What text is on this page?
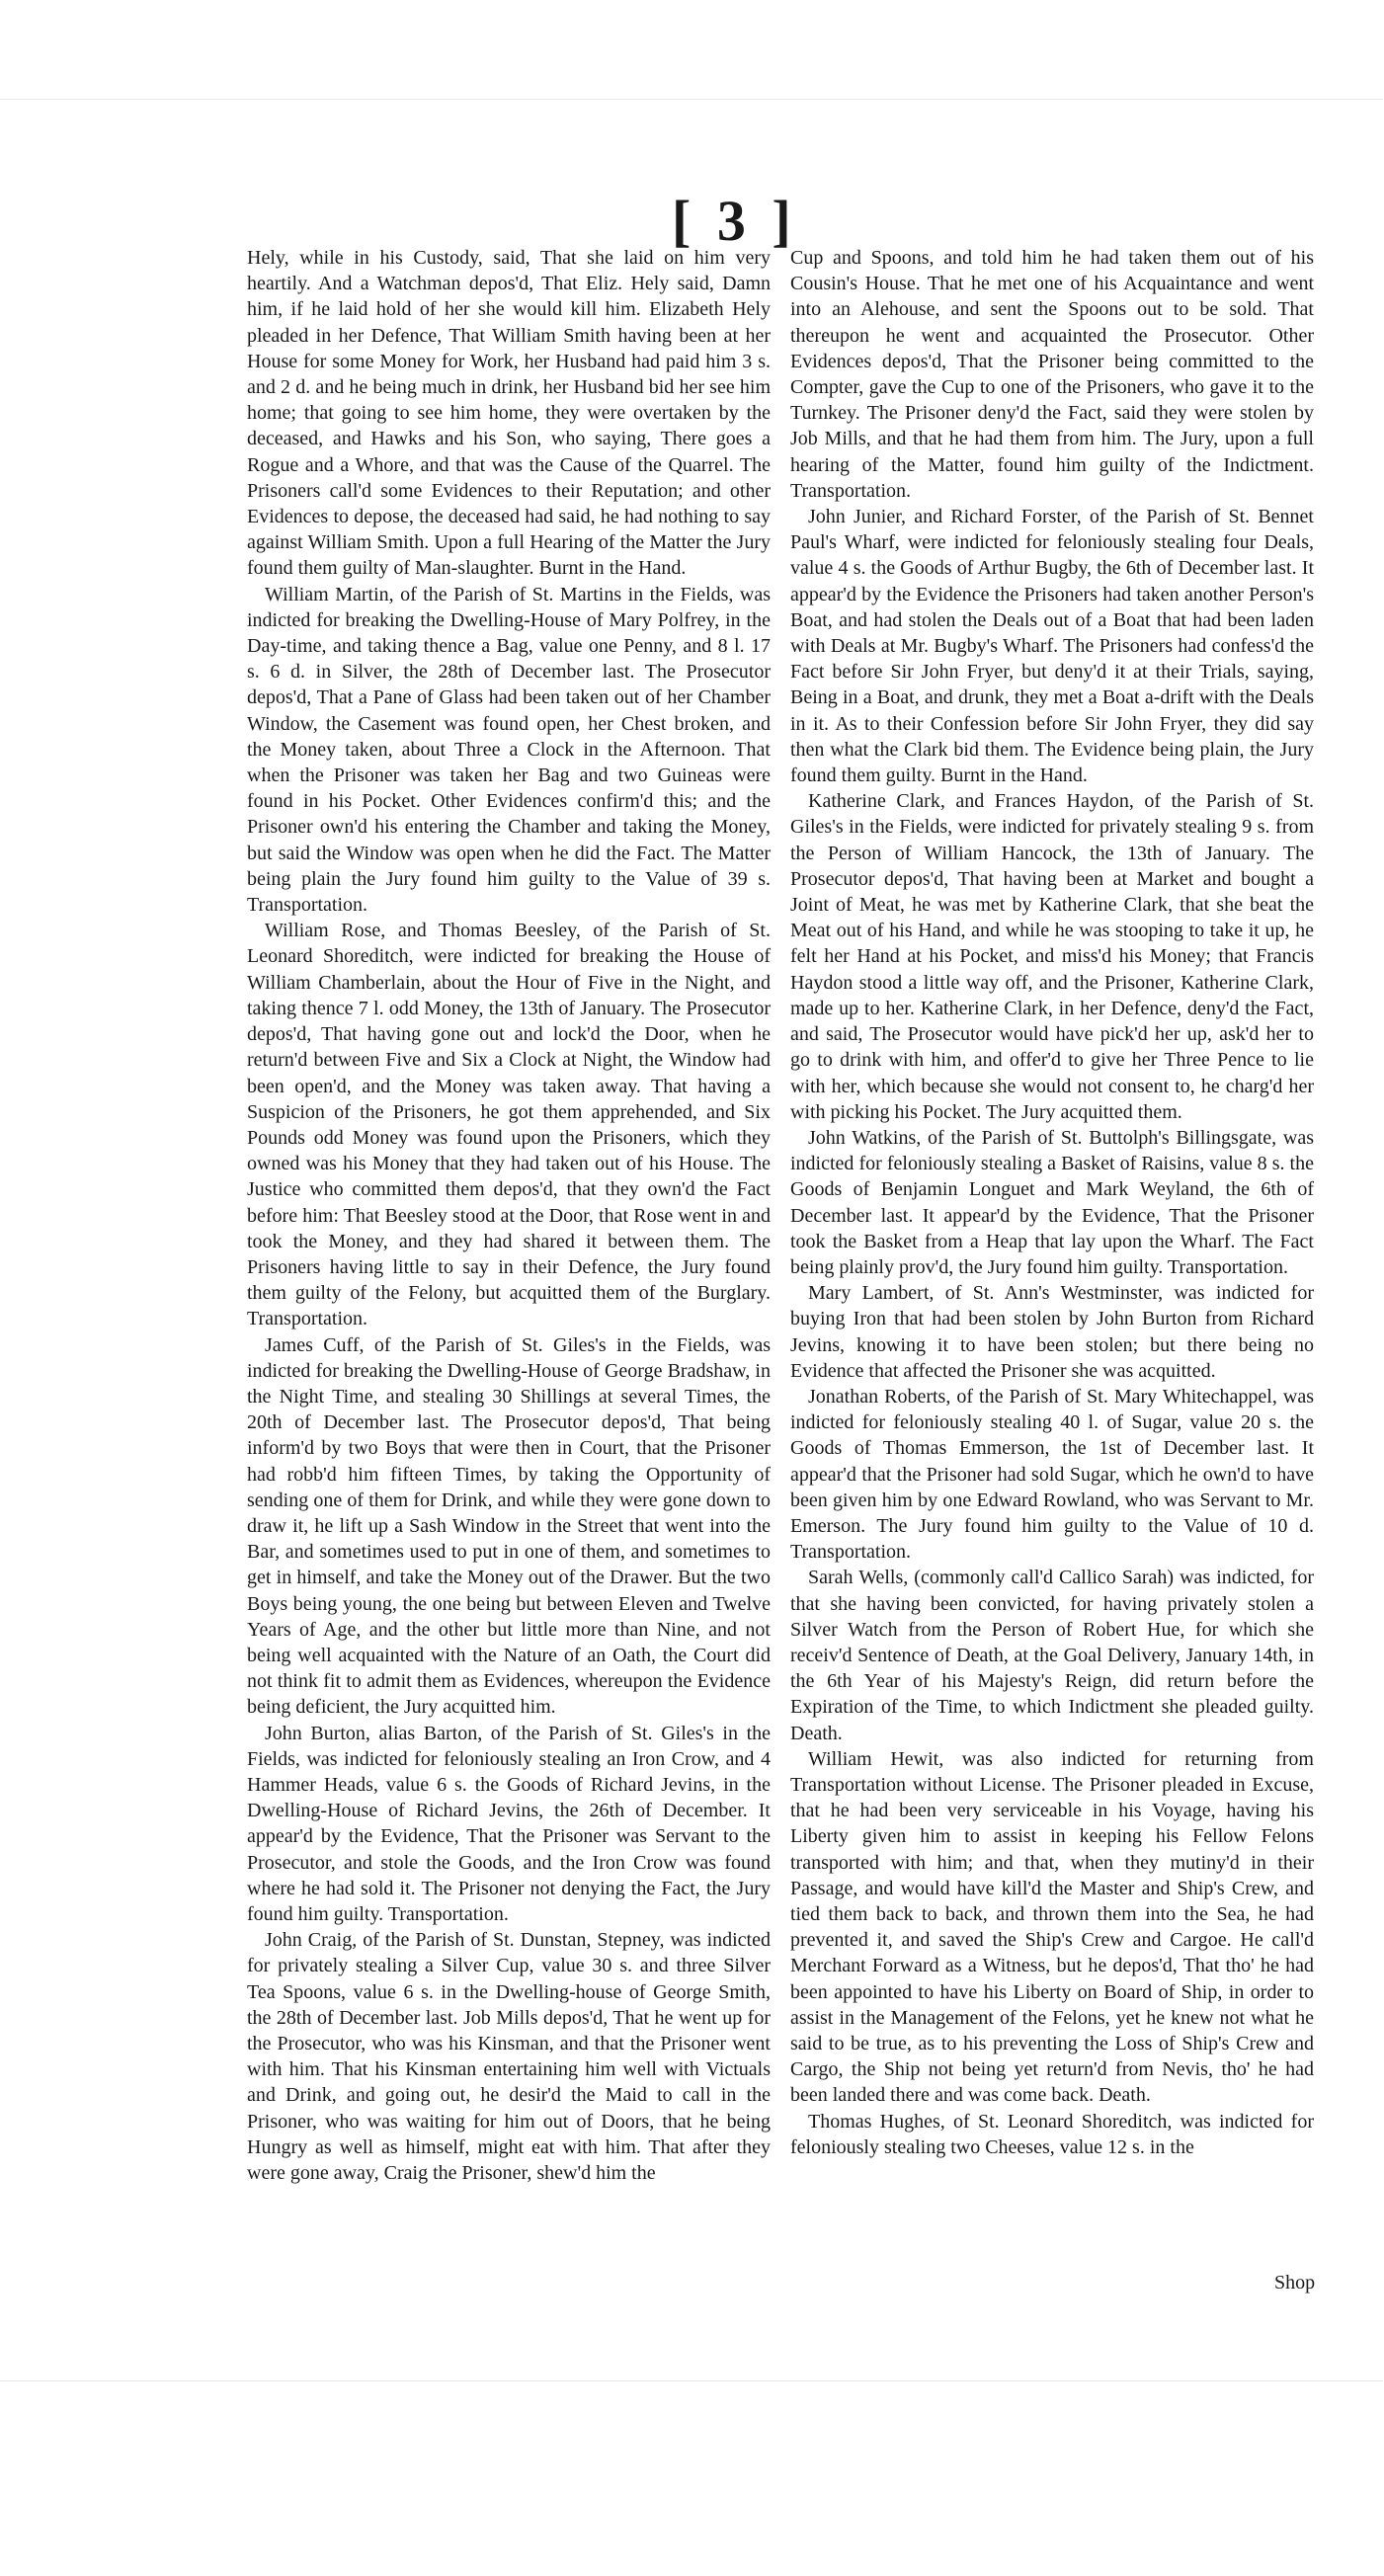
[ 3 ]

Hely, while in his Custody, said, That she laid on him very heartily. And a Watchman depos'd, That Eliz. Hely said, Damn him, if he laid hold of her she would kill him. Elizabeth Hely pleaded in her Defence, That William Smith having been at her House for some Money for Work, her Husband had paid him 3 s. and 2 d. and he being much in drink, her Husband bid her see him home; that going to see him home, they were overtaken by the deceased, and Hawks and his Son, who saying, There goes a Rogue and a Whore, and that was the Cause of the Quarrel. The Prisoners call'd some Evidences to their Reputation; and other Evidences to depose, the deceased had said, he had nothing to say against William Smith. Upon a full Hearing of the Matter the Jury found them guilty of Man-slaughter. Burnt in the Hand.

William Martin, of the Parish of St. Martins in the Fields, was indicted for breaking the Dwelling-House of Mary Polfrey, in the Day-time, and taking thence a Bag, value one Penny, and 8 l. 17 s. 6 d. in Silver, the 28th of December last. The Prosecutor depos'd, That a Pane of Glass had been taken out of her Chamber Window, the Casement was found open, her Chest broken, and the Money taken, about Three a Clock in the Afternoon. That when the Prisoner was taken her Bag and two Guineas were found in his Pocket. Other Evidences confirm'd this; and the Prisoner own'd his entering the Chamber and taking the Money, but said the Window was open when he did the Fact. The Matter being plain the Jury found him guilty to the Value of 39 s. Transportation.

William Rose, and Thomas Beesley, of the Parish of St. Leonard Shoreditch, were indicted for breaking the House of William Chamberlain, about the Hour of Five in the Night, and taking thence 7 l. odd Money, the 13th of January. The Prosecutor depos'd, That having gone out and lock'd the Door, when he return'd between Five and Six a Clock at Night, the Window had been open'd, and the Money was taken away. That having a Suspicion of the Prisoners, he got them apprehended, and Six Pounds odd Money was found upon the Prisoners, which they owned was his Money that they had taken out of his House. The Justice who committed them depos'd, that they own'd the Fact before him: That Beesley stood at the Door, that Rose went in and took the Money, and they had shared it between them. The Prisoners having little to say in their Defence, the Jury found them guilty of the Felony, but acquitted them of the Burglary. Transportation.

James Cuff, of the Parish of St. Giles's in the Fields, was indicted for breaking the Dwelling-House of George Bradshaw, in the Night Time, and stealing 30 Shillings at several Times, the 20th of December last. The Prosecutor depos'd, That being inform'd by two Boys that were then in Court, that the Prisoner had robb'd him fifteen Times, by taking the Opportunity of sending one of them for Drink, and while they were gone down to draw it, he lift up a Sash Window in the Street that went into the Bar, and sometimes used to put in one of them, and sometimes to get in himself, and take the Money out of the Drawer. But the two Boys being young, the one being but between Eleven and Twelve Years of Age, and the other but little more than Nine, and not being well acquainted with the Nature of an Oath, the Court did not think fit to admit them as Evidences, whereupon the Evidence being deficient, the Jury acquitted him.

John Burton, alias Barton, of the Parish of St. Giles's in the Fields, was indicted for feloniously stealing an Iron Crow, and 4 Hammer Heads, value 6 s. the Goods of Richard Jevins, in the Dwelling-House of Richard Jevins, the 26th of December. It appear'd by the Evidence, That the Prisoner was Servant to the Prosecutor, and stole the Goods, and the Iron Crow was found where he had sold it. The Prisoner not denying the Fact, the Jury found him guilty. Transportation.

John Craig, of the Parish of St. Dunstan, Stepney, was indicted for privately stealing a Silver Cup, value 30 s. and three Silver Tea Spoons, value 6 s. in the Dwelling-house of George Smith, the 28th of December last. Job Mills depos'd, That he went up for the Prosecutor, who was his Kinsman, and that the Prisoner went with him. That his Kinsman entertaining him well with Victuals and Drink, and going out, he desir'd the Maid to call in the Prisoner, who was waiting for him out of Doors, that he being Hungry as well as himself, might eat with him. That after they were gone away, Craig the Prisoner, shew'd him the

Cup and Spoons, and told him he had taken them out of his Cousin's House. That he met one of his Acquaintance and went into an Alehouse, and sent the Spoons out to be sold. That thereupon he went and acquainted the Prosecutor. Other Evidences depos'd, That the Prisoner being committed to the Compter, gave the Cup to one of the Prisoners, who gave it to the Turnkey. The Prisoner deny'd the Fact, said they were stolen by Job Mills, and that he had them from him. The Jury, upon a full hearing of the Matter, found him guilty of the Indictment. Transportation.

John Junier, and Richard Forster, of the Parish of St. Bennet Paul's Wharf, were indicted for feloniously stealing four Deals, value 4 s. the Goods of Arthur Bugby, the 6th of December last. It appear'd by the Evidence the Prisoners had taken another Person's Boat, and had stolen the Deals out of a Boat that had been laden with Deals at Mr. Bugby's Wharf. The Prisoners had confess'd the Fact before Sir John Fryer, but deny'd it at their Trials, saying, Being in a Boat, and drunk, they met a Boat a-drift with the Deals in it. As to their Confession before Sir John Fryer, they did say then what the Clark bid them. The Evidence being plain, the Jury found them guilty. Burnt in the Hand.

Katherine Clark, and Frances Haydon, of the Parish of St. Giles's in the Fields, were indicted for privately stealing 9 s. from the Person of William Hancock, the 13th of January. The Prosecutor depos'd, That having been at Market and bought a Joint of Meat, he was met by Katherine Clark, that she beat the Meat out of his Hand, and while he was stooping to take it up, he felt her Hand at his Pocket, and miss'd his Money; that Francis Haydon stood a little way off, and the Prisoner, Katherine Clark, made up to her. Katherine Clark, in her Defence, deny'd the Fact, and said, The Prosecutor would have pick'd her up, ask'd her to go to drink with him, and offer'd to give her Three Pence to lie with her, which because she would not consent to, he charg'd her with picking his Pocket. The Jury acquitted them.

John Watkins, of the Parish of St. Buttolph's Billingsgate, was indicted for feloniously stealing a Basket of Raisins, value 8 s. the Goods of Benjamin Longuet and Mark Weyland, the 6th of December last. It appear'd by the Evidence, That the Prisoner took the Basket from a Heap that lay upon the Wharf. The Fact being plainly prov'd, the Jury found him guilty. Transportation.

Mary Lambert, of St. Ann's Westminster, was indicted for buying Iron that had been stolen by John Burton from Richard Jevins, knowing it to have been stolen; but there being no Evidence that affected the Prisoner she was acquitted.

Jonathan Roberts, of the Parish of St. Mary Whitechappel, was indicted for feloniously stealing 40 l. of Sugar, value 20 s. the Goods of Thomas Emmerson, the 1st of December last. It appear'd that the Prisoner had sold Sugar, which he own'd to have been given him by one Edward Rowland, who was Servant to Mr. Emerson. The Jury found him guilty to the Value of 10 d. Transportation.

Sarah Wells, (commonly call'd Callico Sarah) was indicted, for that she having been convicted, for having privately stolen a Silver Watch from the Person of Robert Hue, for which she receiv'd Sentence of Death, at the Goal Delivery, January 14th, in the 6th Year of his Majesty's Reign, did return before the Expiration of the Time, to which Indictment she pleaded guilty. Death.

William Hewit, was also indicted for returning from Transportation without License. The Prisoner pleaded in Excuse, that he had been very serviceable in his Voyage, having his Liberty given him to assist in keeping his Fellow Felons transported with him; and that, when they mutiny'd in their Passage, and would have kill'd the Master and Ship's Crew, and tied them back to back, and thrown them into the Sea, he had prevented it, and saved the Ship's Crew and Cargoe. He call'd Merchant Forward as a Witness, but he depos'd, That tho' he had been appointed to have his Liberty on Board of Ship, in order to assist in the Management of the Felons, yet he knew not what he said to be true, as to his preventing the Loss of Ship's Crew and Cargo, the Ship not being yet return'd from Nevis, tho' he had been landed there and was come back. Death.

Thomas Hughes, of St. Leonard Shoreditch, was indicted for feloniously stealing two Cheeses, value 12 s. in the

Shop
